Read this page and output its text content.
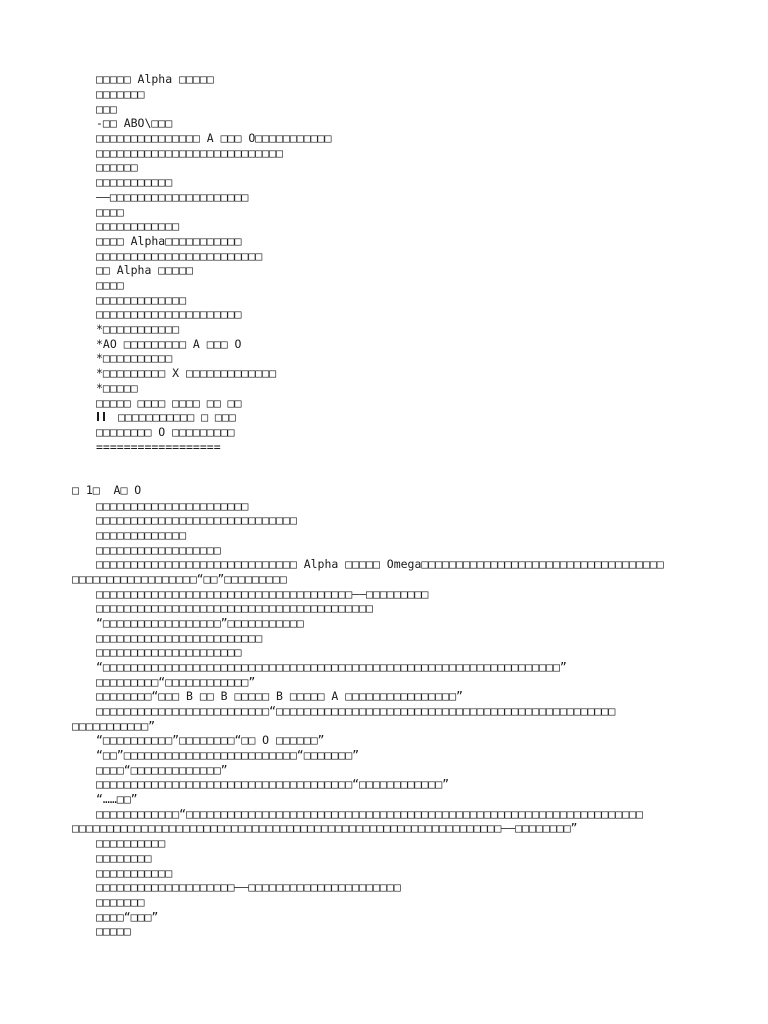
□□□□□ Alpha □□□□□
□□□□□□□
□□□
-□□ ABO\□□□
□□□□□□□□□□□□□□□ A □□□ O□□□□□□□□□□□
□□□□□□□□□□□□□□□□□□□□□□□□□□□
□□□□□□
□□□□□□□□□□□
——□□□□□□□□□□□□□□□□□□□□
□□□□
□□□□□□□□□□□□
□□□□ Alpha□□□□□□□□□□□
□□□□□□□□□□□□□□□□□□□□□□□□
□□ Alpha □□□□□
□□□□
□□□□□□□□□□□□□
□□□□□□□□□□□□□□□□□□□□□
*□□□□□□□□□□□
*AO □□□□□□□□□ A □□□ O
*□□□□□□□□□□
*□□□□□□□□□ X □□□□□□□□□□□□□
*□□□□□
□□□□□ □□□□ □□□□ □□ □□
□□□□□□□□□□□ □ □□□
□□□□□□□□ O □□□□□□□□□
==================
□ 1□  A□ O
□□□□□□□□□□□□□□□□□□□□□□
□□□□□□□□□□□□□□□□□□□□□□□□□□□□□
□□□□□□□□□□□□□
□□□□□□□□□□□□□□□□□□
□□□□□□□□□□□□□□□□□□□□□□□□□□□□□ Alpha □□□□□ Omega□□□□□□□□□□□□□□□□□□□□□□□□□□□□□□□□□□□
□□□□□□□□□□□□□□□□□□“□□”□□□□□□□□□
□□□□□□□□□□□□□□□□□□□□□□□□□□□□□□□□□□□□□——□□□□□□□□□
□□□□□□□□□□□□□□□□□□□□□□□□□□□□□□□□□□□□□□□□
“□□□□□□□□□□□□□□□□□”□□□□□□□□□□□
□□□□□□□□□□□□□□□□□□□□□□□□
□□□□□□□□□□□□□□□□□□□□□
“□□□□□□□□□□□□□□□□□□□□□□□□□□□□□□□□□□□□□□□□□□□□□□□□□□□□□□□□□□□□□□□□□□”
□□□□□□□□□“□□□□□□□□□□□□”
□□□□□□□□“□□□ B □□ B □□□□□ B □□□□□ A □□□□□□□□□□□□□□□□”
□□□□□□□□□□□□□□□□□□□□□□□□□“□□□□□□□□□□□□□□□□□□□□□□□□□□□□□□□□□□□□□□□□□□□□□□□□□
□□□□□□□□□□□”
“□□□□□□□□□□”□□□□□□□□“□□ O □□□□□□”
“□□”□□□□□□□□□□□□□□□□□□□□□□□□□“□□□□□□□”
□□□□“□□□□□□□□□□□□□”
□□□□□□□□□□□□□□□□□□□□□□□□□□□□□□□□□□□□□“□□□□□□□□□□□□”
“……□□”
□□□□□□□□□□□□“□□□□□□□□□□□□□□□□□□□□□□□□□□□□□□□□□□□□□□□□□□□□□□□□□□□□□□□□□□□□□□□□□□
□□□□□□□□□□□□□□□□□□□□□□□□□□□□□□□□□□□□□□□□□□□□□□□□□□□□□□□□□□□□□□——□□□□□□□□”
□□□□□□□□□□
□□□□□□□□
□□□□□□□□□□□
□□□□□□□□□□□□□□□□□□□□——□□□□□□□□□□□□□□□□□□□□□□
□□□□□□□
□□□□“□□□”
□□□□□
